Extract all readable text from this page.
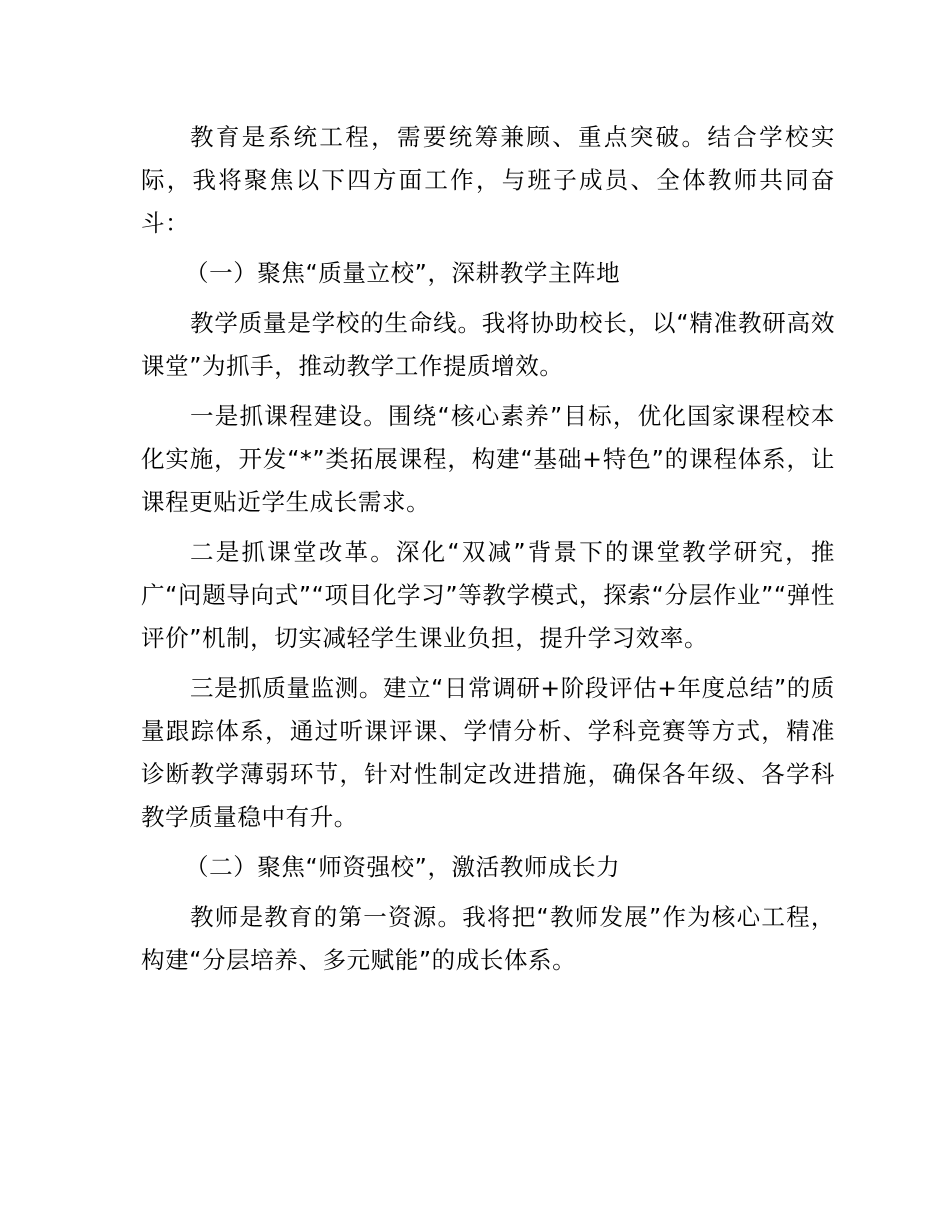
教育是系统工程，需要统筹兼顾、重点突破。结合学校实际，我将聚焦以下四方面工作，与班子成员、全体教师共同奋斗：

（一）聚焦“质量立校”，深耕教学主阵地

教学质量是学校的生命线。我将协助校长，以“精准教研高效课堂”为抓手，推动教学工作提质增效。

一是抓课程建设。围绕“核心素养”目标，优化国家课程校本化实施，开发“*”类拓展课程，构建“基础+特色”的课程体系，让课程更贴近学生成长需求。

二是抓课堂改革。深化“双减”背景下的课堂教学研究，推广“问题导向式”“项目化学习”等教学模式，探索“分层作业”“弹性评价”机制，切实减轻学生课业负担，提升学习效率。

三是抓质量监测。建立“日常调研+阶段评估+年度总结”的质量跟踪体系，通过听课评课、学情分析、学科竞赛等方式，精准诊断教学薄弱环节，针对性制定改进措施，确保各年级、各学科教学质量稳中有升。

（二）聚焦“师资强校”，激活教师成长力

教师是教育的第一资源。我将把“教师发展”作为核心工程，构建“分层培养、多元赋能”的成长体系。
